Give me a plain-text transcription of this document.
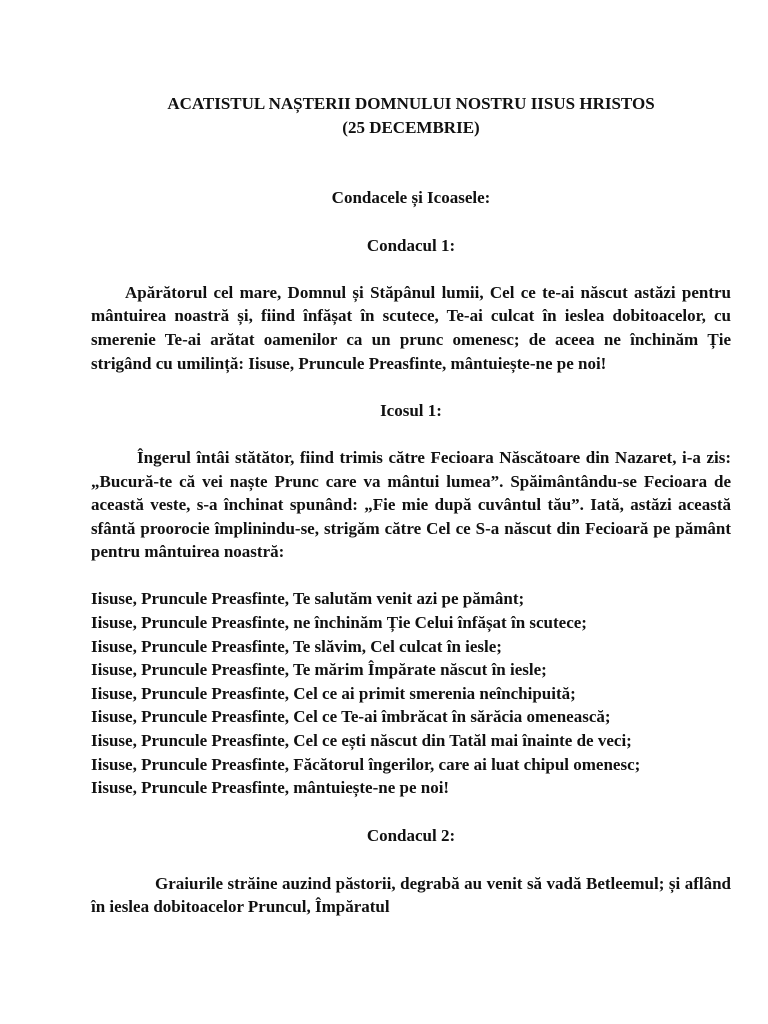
ACATISTUL NAȘTERII DOMNULUI NOSTRU IISUS HRISTOS

(25 DECEMBRIE)

Condacele și Icoasele:

Condacul 1:

Apărătorul cel mare, Domnul și Stăpânul lumii, Cel ce te-ai născut astăzi pentru mântuirea noastră și, fiind înfășat în scutece, Te-ai culcat în ieslea dobitoacelor, cu smerenie Te-ai arătat oamenilor ca un prunc omenesc; de aceea ne închinăm Ție strigând cu umilință: Iisuse, Pruncule Preasfinte, mântuiește-ne pe noi!

Icosul 1:

Îngerul întâi stătător, fiind trimis către Fecioara Născătoare din Nazaret, i-a zis: „Bucură-te că vei naște Prunc care va mântui lumea”. Spăimântându-se Fecioara de această veste, s-a închinat spunând: „Fie mie după cuvântul tău”. Iată, astăzi această sfântă proorocie împlinindu-se, strigăm către Cel ce S-a născut din Fecioară pe pământ pentru mântuirea noastră:

Iisuse, Pruncule Preasfinte, Te salutăm venit azi pe pământ;
Iisuse, Pruncule Preasfinte, ne închinăm Ție Celui înfășat în scutece;
Iisuse, Pruncule Preasfinte, Te slăvim, Cel culcat în iesle;
Iisuse, Pruncule Preasfinte, Te mărim Împărate născut în iesle;
Iisuse, Pruncule Preasfinte, Cel ce ai primit smerenia neînchipuită;
Iisuse, Pruncule Preasfinte, Cel ce Te-ai îmbrăcat în sărăcia omenească;
Iisuse, Pruncule Preasfinte, Cel ce ești născut din Tatăl mai înainte de veci;
Iisuse, Pruncule Preasfinte, Făcătorul îngerilor, care ai luat chipul omenesc;
Iisuse, Pruncule Preasfinte, mântuiește-ne pe noi!

Condacul 2:

Graiurile străine auzind păstorii, degrabă au venit să vadă Betleemul; și aflând în ieslea dobitoacelor Pruncul, Împăratul
